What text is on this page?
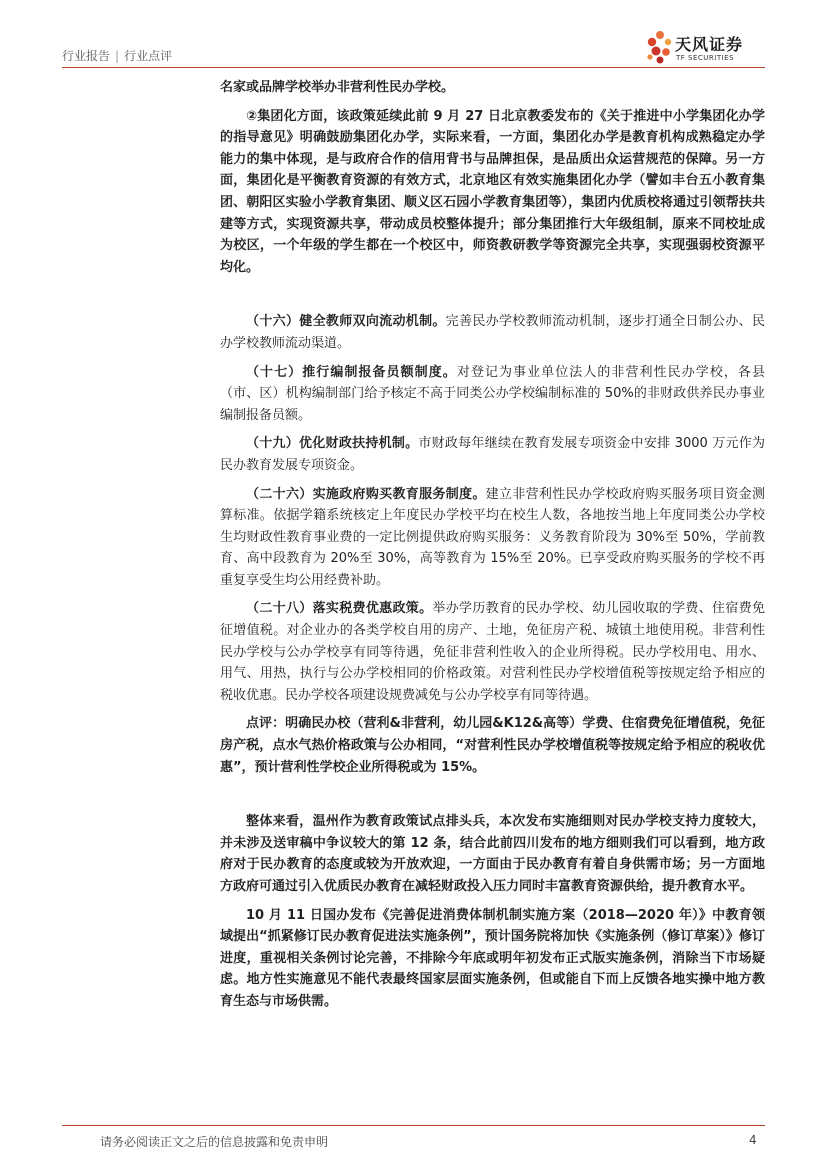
行业报告 | 行业点评
天风证券
TF SECURITIES

名家或品牌学校举办非营利性民办学校。

②集团化方面，该政策延续此前 9 月 27 日北京教委发布的《关于推进中小学集团化办学的指导意见》明确鼓励集团化办学，实际来看，一方面，集团化办学是教育机构成熟稳定办学能力的集中体现，是与政府合作的信用背书与品牌担保，是品质出众运营规范的保障。另一方面，集团化是平衡教育资源的有效方式，北京地区有效实施集团化办学（譬如丰台五小教育集团、朝阳区实验小学教育集团、顺义区石园小学教育集团等），集团内优质校将通过引领帮扶共建等方式，实现资源共享，带动成员校整体提升；部分集团推行大年级组制，原来不同校址成为校区，一个年级的学生都在一个校区中，师资教研教学等资源完全共享，实现强弱校资源平均化。

（十六）健全教师双向流动机制。完善民办学校教师流动机制，逐步打通全日制公办、民办学校教师流动渠道。

（十七）推行编制报备员额制度。对登记为事业单位法人的非营利性民办学校，各县（市、区）机构编制部门给予核定不高于同类公办学校编制标准的 50%的非财政供养民办事业编制报备员额。

（十九）优化财政扶持机制。市财政每年继续在教育发展专项资金中安排 3000 万元作为民办教育发展专项资金。

（二十六）实施政府购买教育服务制度。建立非营利性民办学校政府购买服务项目资金测算标准。依据学籍系统核定上年度民办学校平均在校生人数，各地按当地上年度同类公办学校生均财政性教育事业费的一定比例提供政府购买服务：义务教育阶段为 30%至 50%，学前教育、高中段教育为 20%至 30%，高等教育为 15%至 20%。已享受政府购买服务的学校不再重复享受生均公用经费补助。

（二十八）落实税费优惠政策。举办学历教育的民办学校、幼儿园收取的学费、住宿费免征增值税。对企业办的各类学校自用的房产、土地，免征房产税、城镇土地使用税。非营利性民办学校与公办学校享有同等待遇，免征非营利性收入的企业所得税。民办学校用电、用水、用气、用热，执行与公办学校相同的价格政策。对营利性民办学校增值税等按规定给予相应的税收优惠。民办学校各项建设规费减免与公办学校享有同等待遇。

点评：明确民办校（营利&非营利，幼儿园&K12&高等）学费、住宿费免征增值税，免征房产税，点水气热价格政策与公办相同，“对营利性民办学校增值税等按规定给予相应的税收优惠”，预计营利性学校企业所得税或为 15%。

整体来看，温州作为教育政策试点排头兵，本次发布实施细则对民办学校支持力度较大，并未涉及送审稿中争议较大的第 12 条，结合此前四川发布的地方细则我们可以看到，地方政府对于民办教育的态度或较为开放欢迎，一方面由于民办教育有着自身供需市场；另一方面地方政府可通过引入优质民办教育在减轻财政投入压力同时丰富教育资源供给，提升教育水平。

10 月 11 日国办发布《完善促进消费体制机制实施方案（2018—2020 年）》中教育领域提出“抓紧修订民办教育促进法实施条例”，预计国务院将加快《实施条例（修订草案）》修订进度，重视相关条例讨论完善，不排除今年底或明年初发布正式版实施条例，消除当下市场疑虑。地方性实施意见不能代表最终国家层面实施条例，但或能自下而上反馈各地实操中地方教育生态与市场供需。

请务必阅读正文之后的信息披露和免责申明	4
